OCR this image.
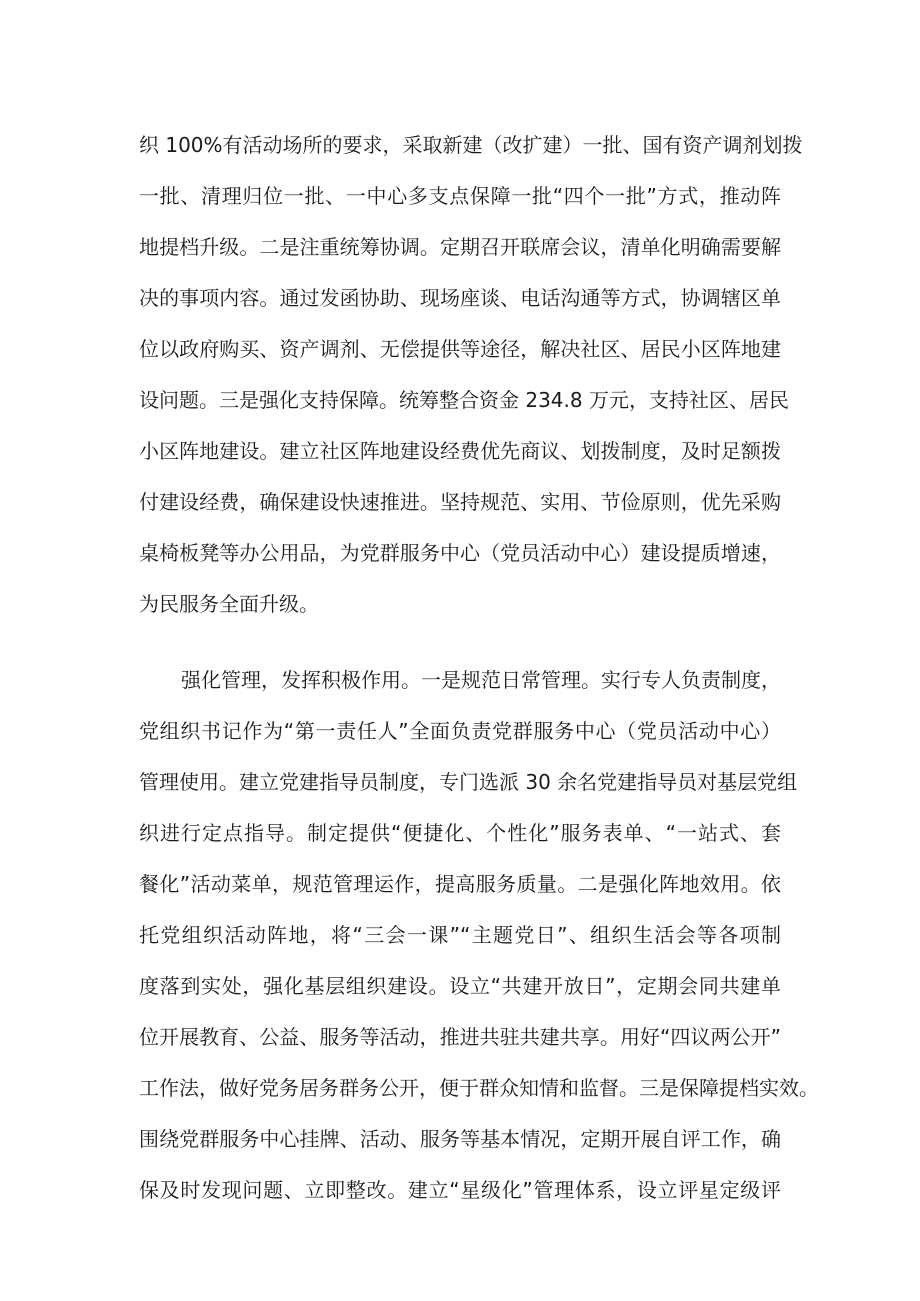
织 100%有活动场所的要求，采取新建（改扩建）一批、国有资产调剂划拨
一批、清理归位一批、一中心多支点保障一批“四个一批”方式，推动阵
地提档升级。二是注重统筹协调。定期召开联席会议，清单化明确需要解
决的事项内容。通过发函协助、现场座谈、电话沟通等方式，协调辖区单
位以政府购买、资产调剂、无偿提供等途径，解决社区、居民小区阵地建
设问题。三是强化支持保障。统筹整合资金 234.8 万元，支持社区、居民
小区阵地建设。建立社区阵地建设经费优先商议、划拨制度，及时足额拨
付建设经费，确保建设快速推进。坚持规范、实用、节俭原则，优先采购
桌椅板凳等办公用品，为党群服务中心（党员活动中心）建设提质增速，
为民服务全面升级。
强化管理，发挥积极作用。一是规范日常管理。实行专人负责制度，
党组织书记作为“第一责任人”全面负责党群服务中心（党员活动中心）
管理使用。建立党建指导员制度，专门选派 30 余名党建指导员对基层党组
织进行定点指导。制定提供“便捷化、个性化”服务表单、“一站式、套
餐化”活动菜单，规范管理运作，提高服务质量。二是强化阵地效用。依
托党组织活动阵地，将“三会一课”“主题党日”、组织生活会等各项制
度落到实处，强化基层组织建设。设立“共建开放日”，定期会同共建单
位开展教育、公益、服务等活动，推进共驻共建共享。用好“四议两公开”
工作法，做好党务居务群务公开，便于群众知情和监督。三是保障提档实效。
围绕党群服务中心挂牌、活动、服务等基本情况，定期开展自评工作，确
保及时发现问题、立即整改。建立“星级化”管理体系，设立评星定级评
